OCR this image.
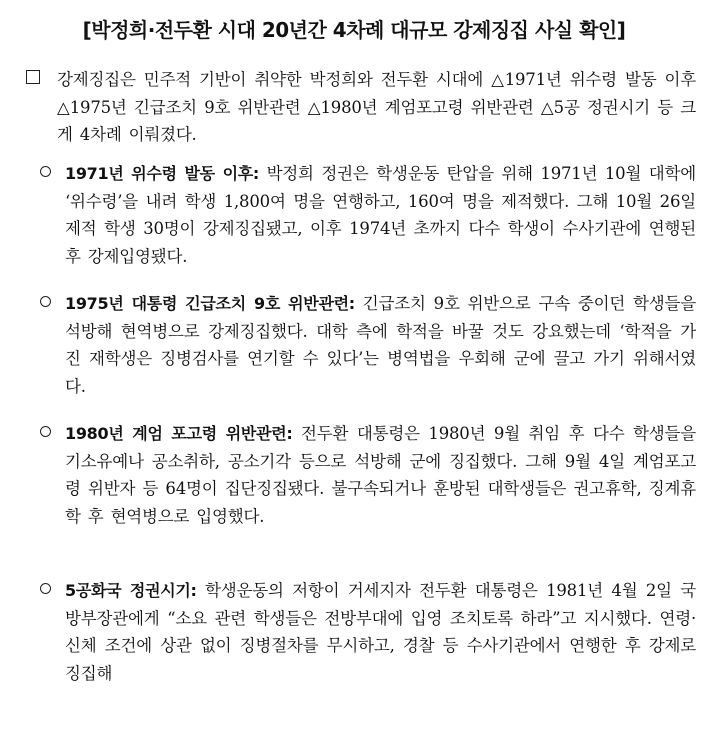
[박정희·전두환 시대 20년간 4차례 대규모 강제징집 사실 확인]
강제징집은 민주적 기반이 취약한 박정희와 전두환 시대에 △1971년 위수령 발동 이후 △1975년 긴급조치 9호 위반관련 △1980년 계엄포고령 위반관련 △5공 정권시기 등 크게 4차례 이뤄졌다.
1971년 위수령 발동 이후: 박정희 정권은 학생운동 탄압을 위해 1971년 10월 대학에 ‘위수령’을 내려 학생 1,800여 명을 연행하고, 160여 명을 제적했다. 그해 10월 26일 제적 학생 30명이 강제징집됐고, 이후 1974년 초까지 다수 학생이 수사기관에 연행된 후 강제입영됐다.
1975년 대통령 긴급조치 9호 위반관련: 긴급조치 9호 위반으로 구속 중이던 학생들을 석방해 현역병으로 강제징집했다. 대학 측에 학적을 바꿀 것도 강요했는데 ‘학적을 가진 재학생은 징병검사를 연기할 수 있다’는 병역법을 우회해 군에 끌고 가기 위해서였다.
1980년 계엄 포고령 위반관련: 전두환 대통령은 1980년 9월 취임 후 다수 학생들을 기소유예나 공소취하, 공소기각 등으로 석방해 군에 징집했다. 그해 9월 4일 계엄포고령 위반자 등 64명이 집단징집됐다. 불구속되거나 훈방된 대학생들은 권고휴학, 징계휴학 후 현역병으로 입영했다.
5공화국 정권시기: 학생운동의 저항이 거세지자 전두환 대통령은 1981년 4월 2일 국방부장관에게 “소요 관련 학생들은 전방부대에 입영 조치토록 하라”고 지시했다. 연령·신체 조건에 상관 없이 징병절차를 무시하고, 경찰 등 수사기관에서 연행한 후 강제로 징집해
